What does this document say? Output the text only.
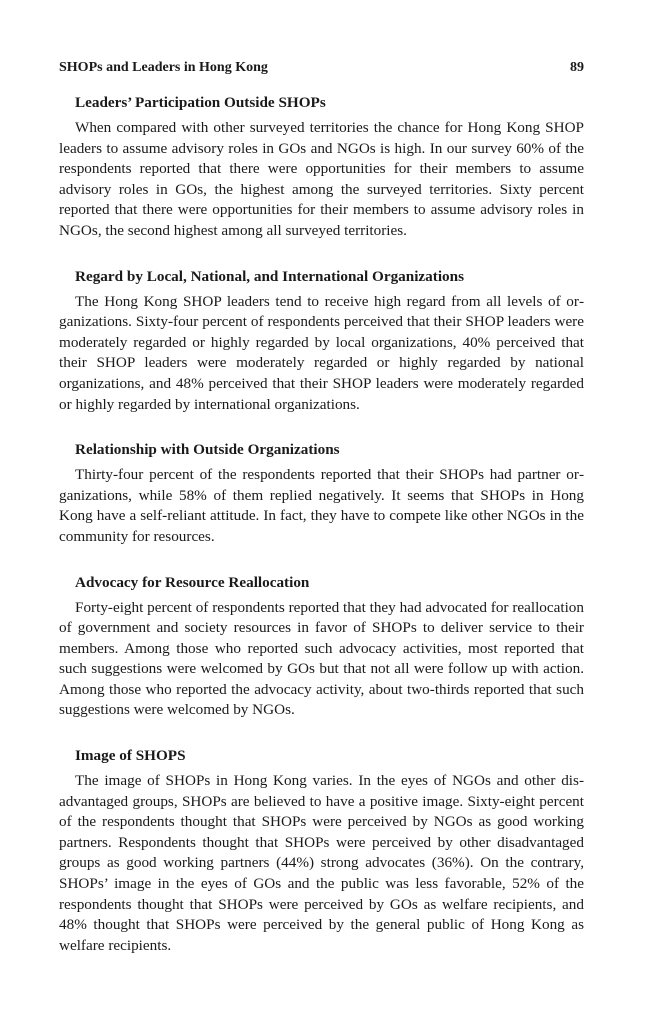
SHOPs and Leaders in Hong Kong	89
Leaders’ Participation Outside SHOPs

When compared with other surveyed territories the chance for Hong Kong SHOP leaders to assume advisory roles in GOs and NGOs is high. In our survey 60% of the respondents reported that there were opportunities for their members to assume advisory roles in GOs, the highest among the surveyed territories. Sixty percent reported that there were opportunities for their members to assume advisory roles in NGOs, the second highest among all surveyed territories.

Regard by Local, National, and International Organizations

The Hong Kong SHOP leaders tend to receive high regard from all levels of organizations. Sixty-four percent of respondents perceived that their SHOP leaders were moderately regarded or highly regarded by local organizations, 40% perceived that their SHOP leaders were moderately regarded or highly regarded by national organizations, and 48% perceived that their SHOP leaders were moderately regarded or highly regarded by international organizations.

Relationship with Outside Organizations

Thirty-four percent of the respondents reported that their SHOPs had partner organizations, while 58% of them replied negatively. It seems that SHOPs in Hong Kong have a self-reliant attitude. In fact, they have to compete like other NGOs in the community for resources.

Advocacy for Resource Reallocation

Forty-eight percent of respondents reported that they had advocated for reallocation of government and society resources in favor of SHOPs to deliver service to their members. Among those who reported such advocacy activities, most reported that such suggestions were welcomed by GOs but that not all were follow up with action. Among those who reported the advocacy activity, about two-thirds reported that such suggestions were welcomed by NGOs.

Image of SHOPS

The image of SHOPs in Hong Kong varies. In the eyes of NGOs and other disadvantaged groups, SHOPs are believed to have a positive image. Sixty-eight percent of the respondents thought that SHOPs were perceived by NGOs as good working partners. Respondents thought that SHOPs were perceived by other disadvantaged groups as good working partners (44%) strong advocates (36%). On the contrary, SHOPs’ image in the eyes of GOs and the public was less favorable, 52% of the respondents thought that SHOPs were perceived by GOs as welfare recipients, and 48% thought that SHOPs were perceived by the general public of Hong Kong as welfare recipients.
